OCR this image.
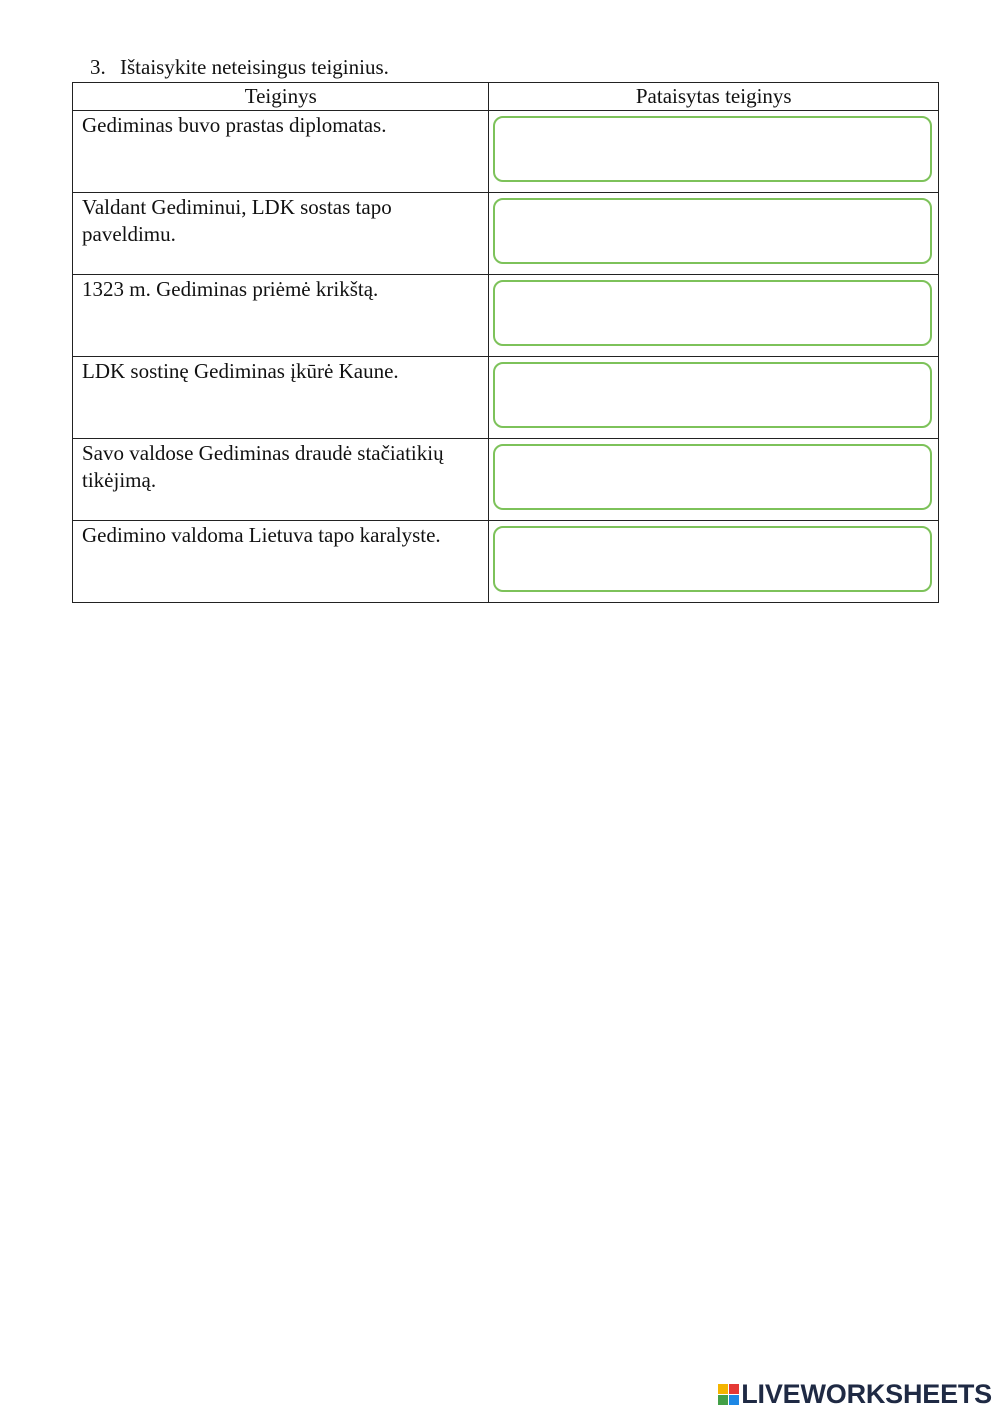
3. Ištaisykite neteisingus teiginius.
Teiginys	Pataisytas teiginys

Gediminas buvo prastas diplomatas.

Valdant Gediminui, LDK sostas tapo paveldimu.

1323 m. Gediminas priėmė krikštą.

LDK sostinę Gediminas įkūrė Kaune.

Savo valdose Gediminas draudė stačiatikių tikėjimą.

Gedimino valdoma Lietuva tapo karalyste.

LIVEWORKSHEETS
